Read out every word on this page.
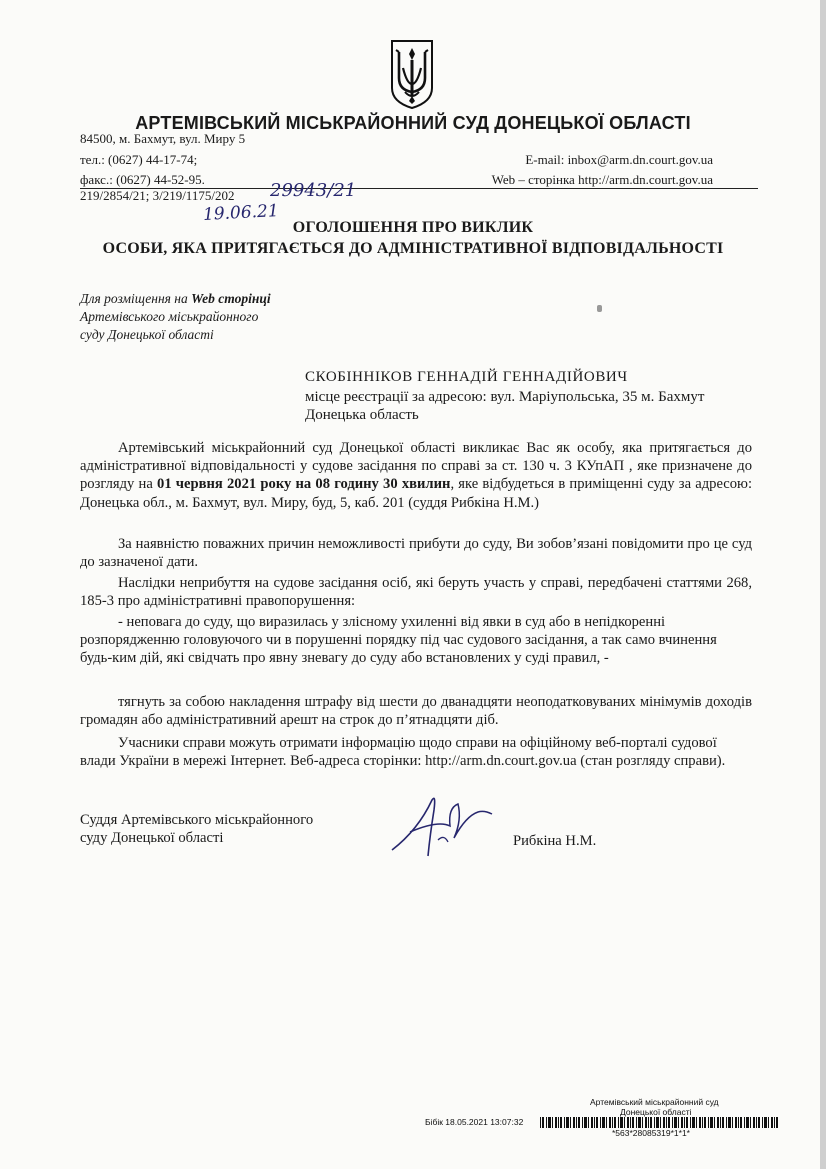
АРТЕМІВСЬКИЙ МІСЬКРАЙОННИЙ СУД ДОНЕЦЬКОЇ ОБЛАСТІ
84500, м. Бахмут, вул. Миру 5
тел.: (0627) 44-17-74;
факс.: (0627) 44-52-95.
E-mail: inbox@arm.dn.court.gov.ua
Web – сторінка http://arm.dn.court.gov.ua
219/2854/21; 3/219/1175/202 29943/21
19.06.21
ОГОЛОШЕННЯ ПРО ВИКЛИК
ОСОБИ, ЯКА ПРИТЯГАЄТЬСЯ ДО АДМІНІСТРАТИВНОЇ ВІДПОВІДАЛЬНОСТІ
Для розміщення на Web сторінці
Артемівського міськрайонного
суду Донецької області
СКОБІННІКОВ ГЕННАДІЙ ГЕННАДІЙОВИЧ
місце реєстрації за адресою: вул. Маріупольська, 35 м. Бахмут
Донецька область
Артемівський міськрайонний суд Донецької області викликає Вас як особу, яка притягається до адміністративної відповідальності у судове засідання по справі за ст. 130 ч. 3 КУпАП , яке призначене до розгляду на 01 червня 2021 року на 08 годину 30 хвилин, яке відбудеться в приміщенні суду за адресою: Донецька обл., м. Бахмут, вул. Миру, буд, 5, каб. 201 (суддя Рибкіна Н.М.)
За наявністю поважних причин неможливості прибути до суду, Ви зобов’язані повідомити про це суд до зазначеної дати.
Наслідки неприбуття на судове засідання осіб, які беруть участь у справі, передбачені статтями 268, 185-3 про адміністративні правопорушення:
- неповага до суду, що виразилась у злісному ухиленні від явки в суд або в непідкоренні розпорядженню головуючого чи в порушенні порядку під час судового засідання, а так само вчинення будь-ким дій, які свідчать про явну зневагу до суду або встановлених у суді правил, -
тягнуть за собою накладення штрафу від шести до дванадцяти неоподатковуваних мінімумів доходів громадян або адміністративний арешт на строк до п’ятнадцяти діб.
Учасники справи можуть отримати інформацію щодо справи на офіційному веб-порталі судової влади України в мережі Інтернет. Веб-адреса сторінки: http://arm.dn.court.gov.ua (стан розгляду справи).
Суддя Артемівського міськрайонного
суду Донецької області	Рибкіна Н.М.
Артемівський міськрайонний суд
Донецької області
Бібік 18.05.2021 13:07:32
*563*28085319*1*1*
